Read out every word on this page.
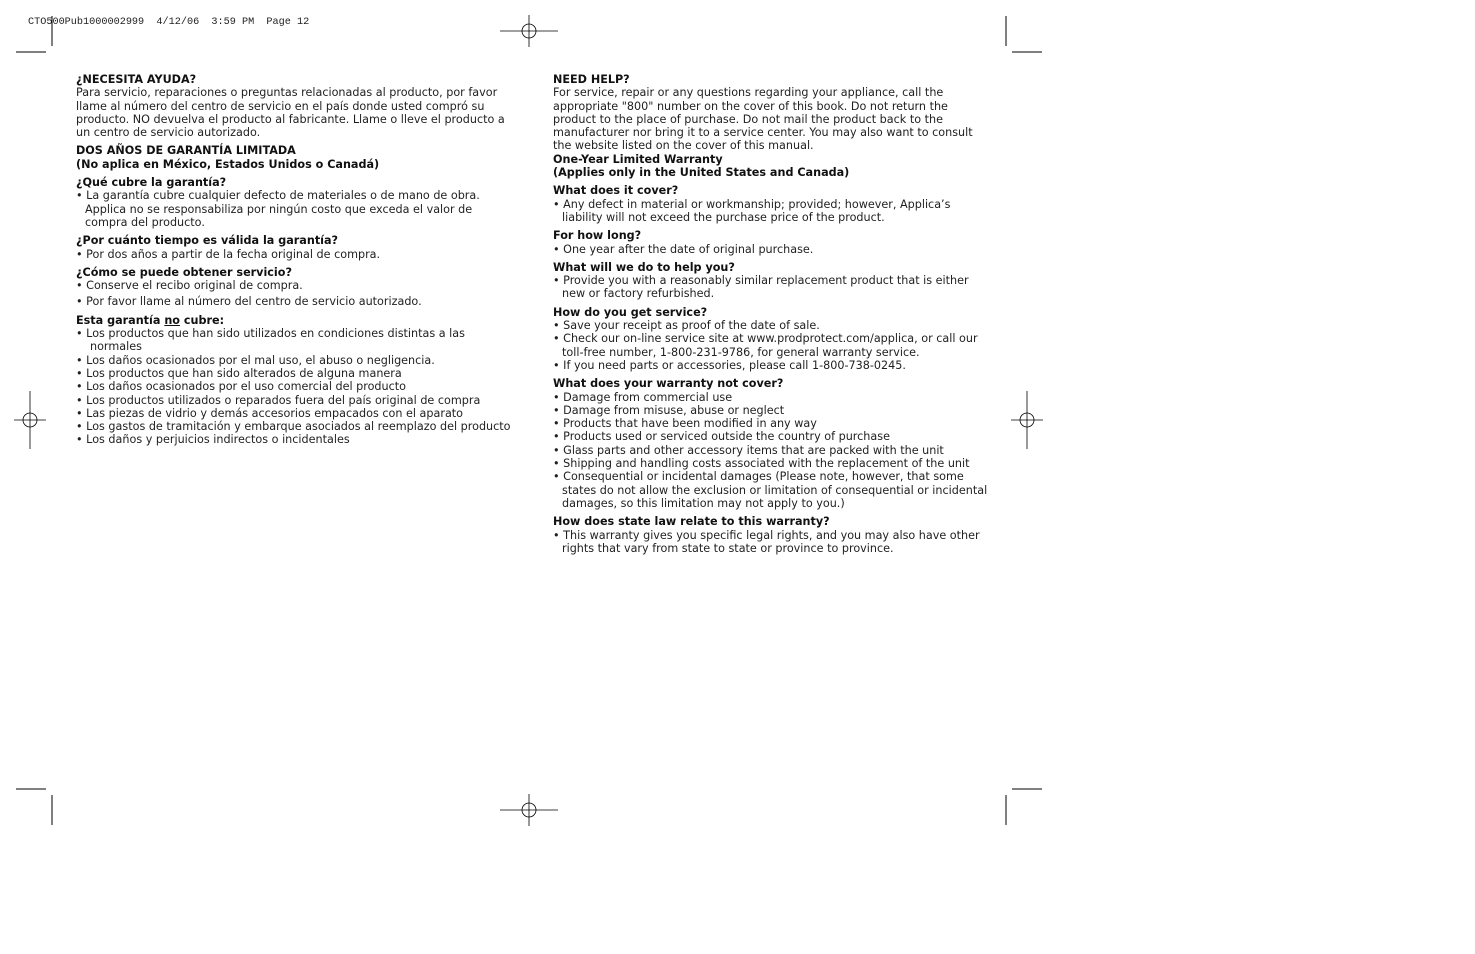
CTO500Pub1000002999  4/12/06  3:59 PM  Page 12

¿NECESITA AYUDA?

Para servicio, reparaciones o preguntas relacionadas al producto, por favor llame al número del centro de servicio en el país donde usted compró su producto. NO devuelva el producto al fabricante. Llame o lleve el producto a un centro de servicio autorizado.

DOS AÑOS DE GARANTÍA LIMITADA

(No aplica en México, Estados Unidos o Canadá)

¿Qué cubre la garantía?

• La garantía cubre cualquier defecto de materiales o de mano de obra. Applica no se responsabiliza por ningún costo que exceda el valor de compra del producto.

¿Por cuánto tiempo es válida la garantía?

• Por dos años a partir de la fecha original de compra.

¿Cómo se puede obtener servicio?

• Conserve el recibo original de compra.

• Por favor llame al número del centro de servicio autorizado.

Esta garantía no cubre:

• Los productos que han sido utilizados en condiciones distintas a las normales

• Los daños ocasionados por el mal uso, el abuso o negligencia.

• Los productos que han sido alterados de alguna manera

• Los daños ocasionados por el uso comercial del producto

• Los productos utilizados o reparados fuera del país original de compra

• Las piezas de vidrio y demás accesorios empacados con el aparato

• Los gastos de tramitación y embarque asociados al reemplazo del producto

• Los daños y perjuicios indirectos o incidentales

NEED HELP?

For service, repair or any questions regarding your appliance, call the appropriate "800" number on the cover of this book. Do not return the product to the place of purchase. Do not mail the product back to the manufacturer nor bring it to a service center. You may also want to consult the website listed on the cover of this manual.

One-Year Limited Warranty

(Applies only in the United States and Canada)

What does it cover?

• Any defect in material or workmanship; provided; however, Applica’s liability will not exceed the purchase price of the product.

For how long?

• One year after the date of original purchase.

What will we do to help you?

• Provide you with a reasonably similar replacement product that is either new or factory refurbished.

How do you get service?

• Save your receipt as proof of the date of sale.

• Check our on-line service site at www.prodprotect.com/applica, or call our toll-free number, 1-800-231-9786, for general warranty service.

• If you need parts or accessories, please call 1-800-738-0245.

What does your warranty not cover?

• Damage from commercial use

• Damage from misuse, abuse or neglect

• Products that have been modified in any way

• Products used or serviced outside the country of purchase

• Glass parts and other accessory items that are packed with the unit

• Shipping and handling costs associated with the replacement of the unit

• Consequential or incidental damages (Please note, however, that some states do not allow the exclusion or limitation of consequential or incidental damages, so this limitation may not apply to you.)

How does state law relate to this warranty?

• This warranty gives you specific legal rights, and you may also have other rights that vary from state to state or province to province.
